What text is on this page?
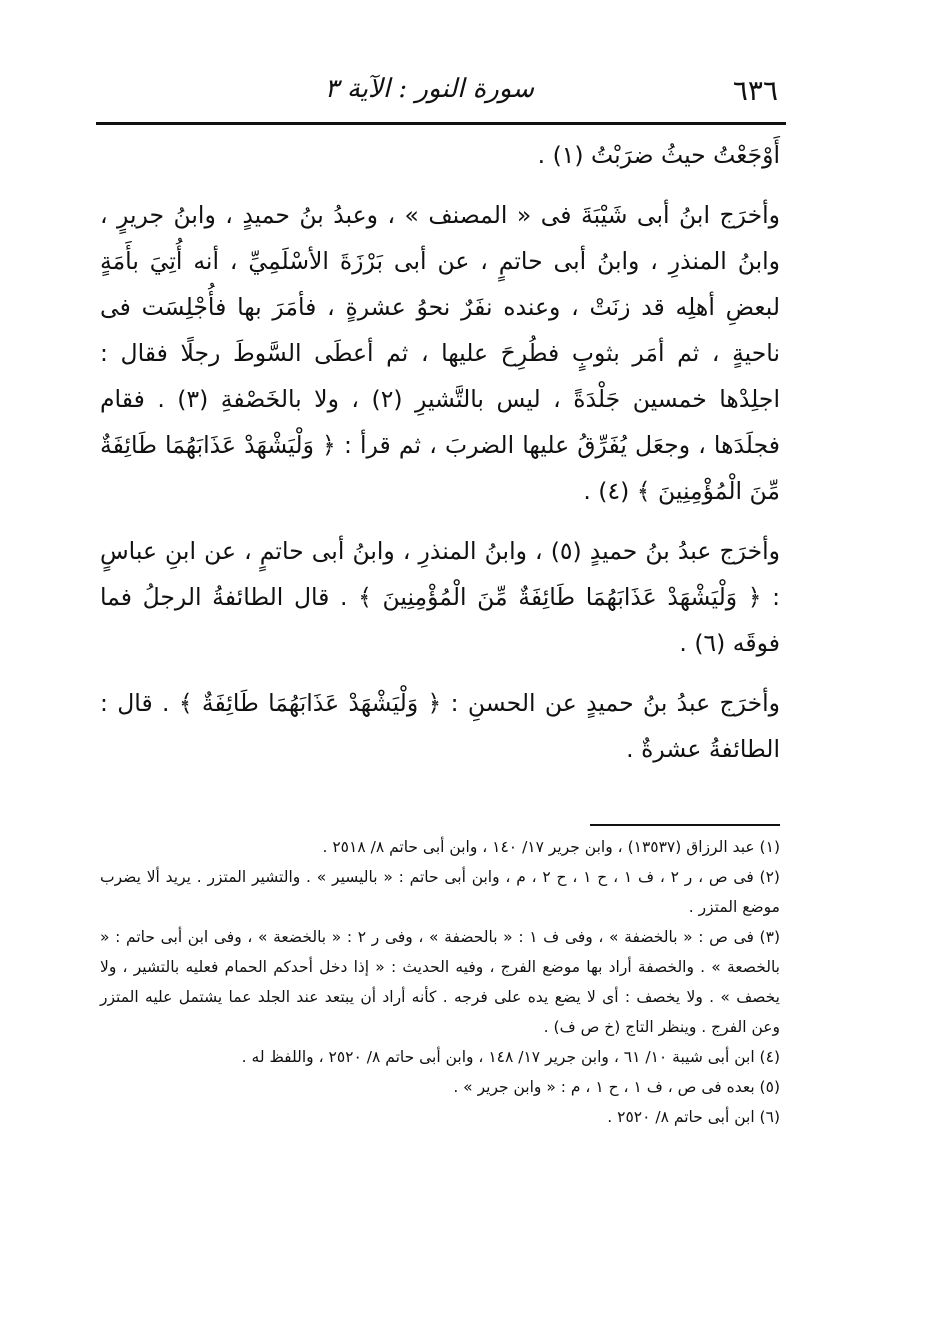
٦٣٦
سورة النور : الآية ٣

أَوْجَعْتُ حيثُ ضرَبْتُ (١) .

وأخرَج ابنُ أبى شَيْبَةَ فى « المصنف » ، وعبدُ بنُ حميدٍ ، وابنُ جريرٍ ، وابنُ المنذرِ ، وابنُ أبى حاتمٍ ، عن أبى بَرْزَةَ الأسْلَمِيِّ ، أنه أُتِيَ بأَمَةٍ لبعضِ أهلِه قد زنَتْ ، وعنده نفَرٌ نحوُ عشرةٍ ، فأمَرَ بها فأُجْلِسَت فى ناحيةٍ ، ثم أمَر بثوبٍ فطُرِحَ عليها ، ثم أعطَى السَّوطَ رجلًا فقال : اجلِدْها خمسين جَلْدَةً ، ليس بالتَّشيرِ (٢) ، ولا بالخَصْفةِ (٣) . فقام فجلَدَها ، وجعَل يُفَرِّقُ عليها الضربَ ، ثم قرأ : ﴿ وَلْيَشْهَدْ عَذَابَهُمَا طَائِفَةٌ مِّنَ الْمُؤْمِنِينَ ﴾ (٤) .

وأخرَج عبدُ بنُ حميدٍ (٥) ، وابنُ المنذرِ ، وابنُ أبى حاتمٍ ، عن ابنِ عباسٍ : ﴿ وَلْيَشْهَدْ عَذَابَهُمَا طَائِفَةٌ مِّنَ الْمُؤْمِنِينَ ﴾ . قال الطائفةُ الرجلُ فما فوقَه (٦) .

وأخرَج عبدُ بنُ حميدٍ عن الحسنِ : ﴿ وَلْيَشْهَدْ عَذَابَهُمَا طَائِفَةٌ ﴾ . قال : الطائفةُ عشرةٌ .

(١) عبد الرزاق (١٣٥٣٧) ، وابن جرير ١٧/ ١٤٠ ، وابن أبى حاتم ٨/ ٢٥١٨ .

(٢) فى ص ، ر ٢ ، ف ١ ، ح ١ ، ح ٢ ، م ، وابن أبى حاتم : « باليسير » . والتشير المتزر . يريد ألا يضرب موضع المتزر .

(٣) فى ص : « بالخضفة » ، وفى ف ١ : « بالحضفة » ، وفى ر ٢ : « بالخضعة » ، وفى ابن أبى حاتم : « بالخصعة » . والخصفة أراد بها موضع الفرج ، وفيه الحديث : « إذا دخل أحدكم الحمام فعليه بالتشير ، ولا يخصف » . ولا يخصف : أى لا يضع يده على فرجه . كأنه أراد أن يبتعد عند الجلد عما يشتمل عليه المتزر وعن الفرج . وينظر التاج (خ ص ف) .

(٤) ابن أبى شيبة ١٠/ ٦١ ، وابن جرير ١٧/ ١٤٨ ، وابن أبى حاتم ٨/ ٢٥٢٠ ، واللفظ له .

(٥) بعده فى ص ، ف ١ ، ح ١ ، م : « وابن جرير » .

(٦) ابن أبى حاتم ٨/ ٢٥٢٠ .
